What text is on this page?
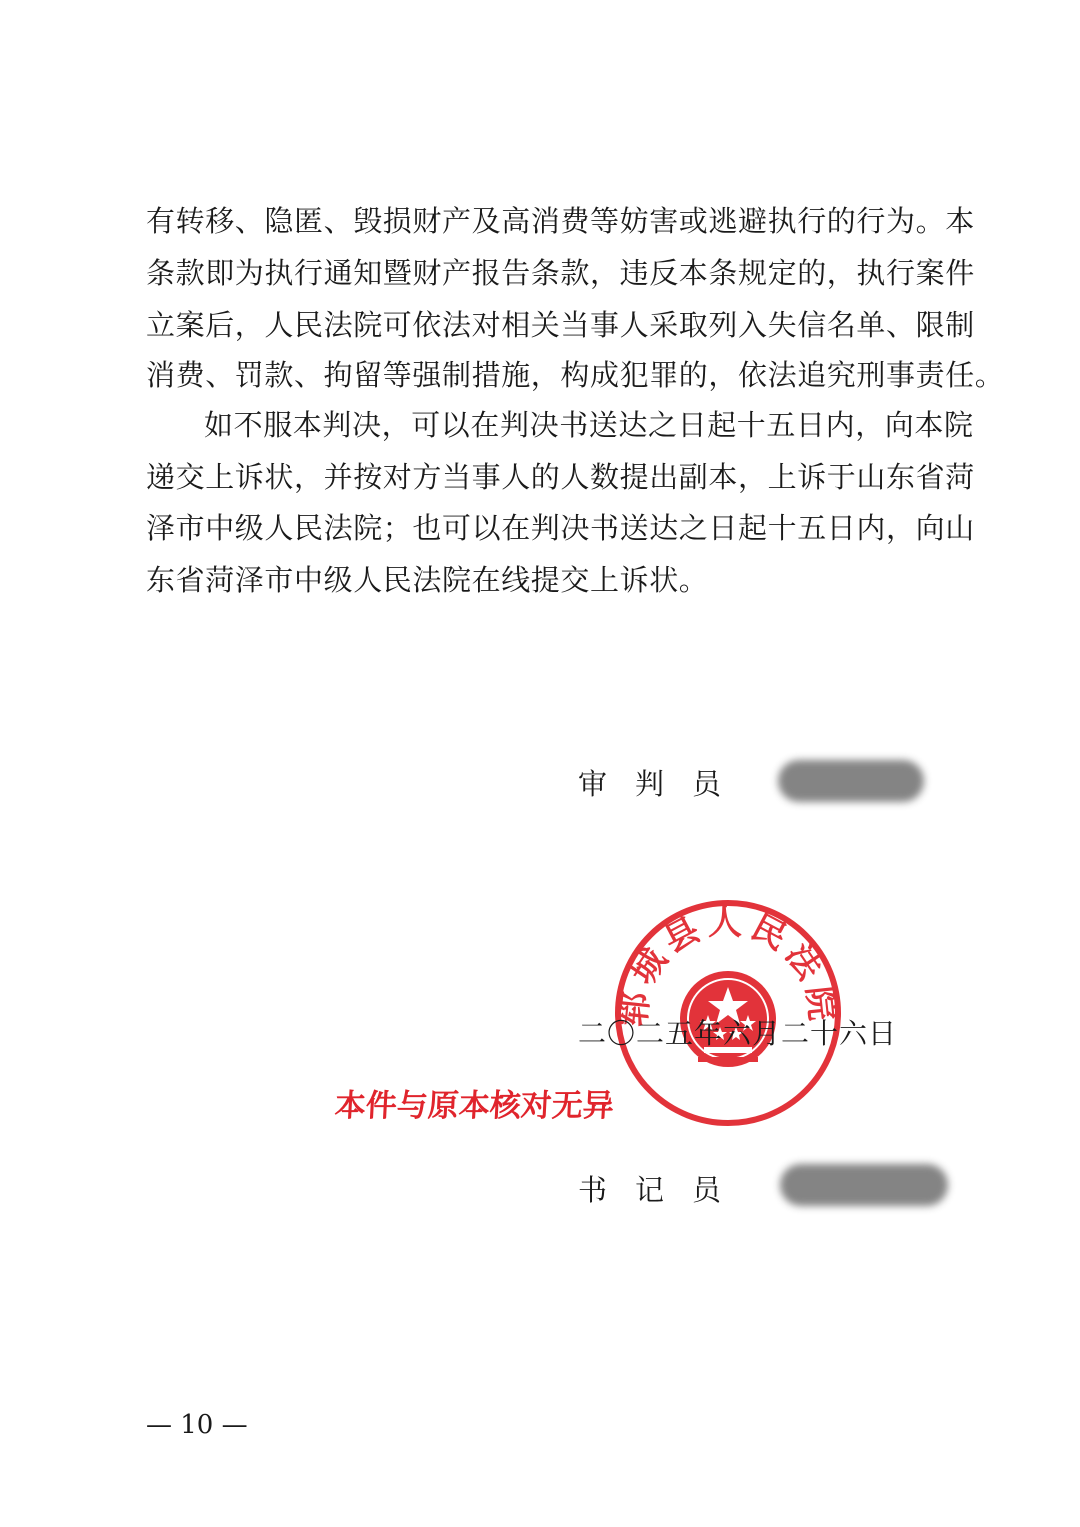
有转移、隐匿、毁损财产及高消费等妨害或逃避执行的行为。本
条款即为执行通知暨财产报告条款，违反本条规定的，执行案件
立案后，人民法院可依法对相关当事人采取列入失信名单、限制
消费、罚款、拘留等强制措施，构成犯罪的，依法追究刑事责任。
如不服本判决，可以在判决书送达之日起十五日内，向本院
递交上诉状，并按对方当事人的人数提出副本，上诉于山东省菏
泽市中级人民法院；也可以在判决书送达之日起十五日内，向山
东省菏泽市中级人民法院在线提交上诉状。
审 判 员
郓城县人民法院
二〇二五年六月二十六日
本件与原本核对无异
书 记 员
— 10 —
